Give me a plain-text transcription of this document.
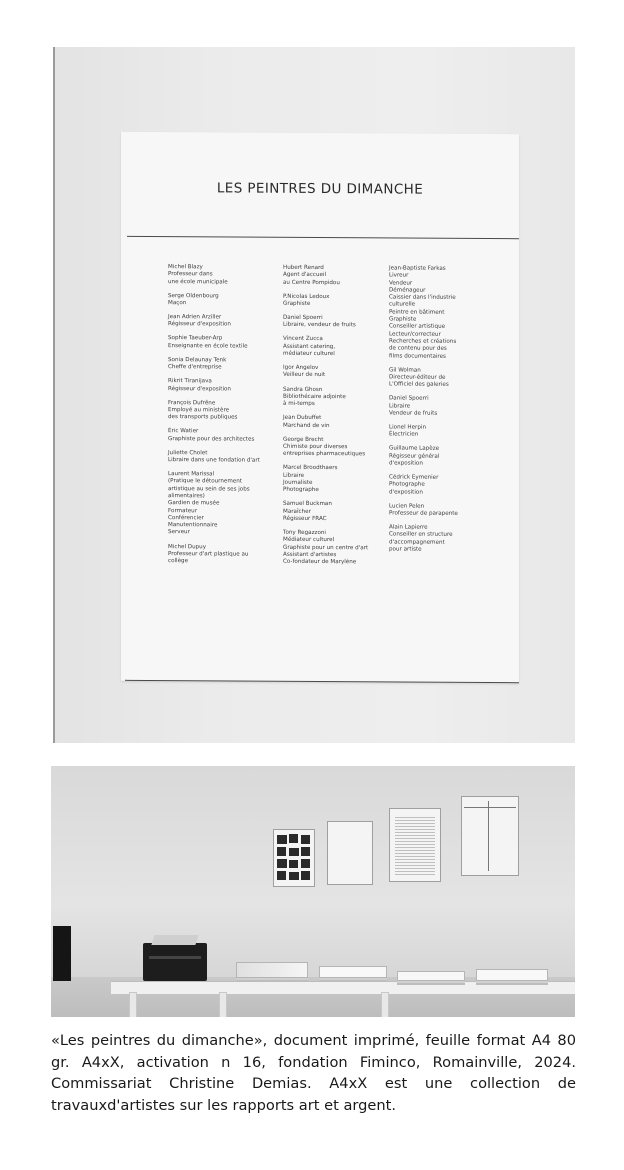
LES PEINTRES DU DIMANCHE
Michel Blazy
Professeur dans
une école municipale
Serge Oldenbourg
Maçon
Jean Adrien Arziller
Régisseur d'exposition
Sophie Taeuber-Arp
Enseignante en école textile
Sonia Delaunay Tenk
Cheffe d'entreprise
Rikrit Tiranijava
Régisseur d'exposition
François Dufrêne
Employé au ministère
des transports publiques
Éric Watier
Graphiste pour des architectes
Juliette Cholet
Libraire dans une fondation d'art
Laurent Marissal
(Pratique le détournement
artistique au sein de ses jobs
alimentaires)
Gardien de musée
Formateur
Conférencier
Manutentionnaire
Serveur
Michel Dupuy
Professeur d'art plastique au
collège
Hubert Renard
Agent d'accueil
au Centre Pompidou
P.Nicolas Ledoux
Graphiste
Daniel Spoerri
Libraire, vendeur de fruits
Vincent Zucca
Assistant catering,
médiateur culturel
Igor Angelov
Veilleur de nuit
Sandra Ghosn
Bibliothécaire adjointe
à mi-temps
Jean Dubuffet
Marchand de vin
George Brecht
Chimiste pour diverses
entreprises pharmaceutiques
Marcel Broodthaers
Libraire
Journaliste
Photographe
Samuel Buckman
Maraîcher
Régisseur FRAC
Tony Regazzoni
Médiateur culturel
Graphiste pour un centre d'art
Assistant d'artistes
Co-fondateur de Marylène
Jean-Baptiste Farkas
Livreur
Vendeur
Déménageur
Caissier dans l'industrie
culturelle
Peintre en bâtiment
Graphiste
Conseiller artistique
Lecteur/correcteur
Recherches et créations
de contenu pour des
films documentaires
Gil Wolman
Directeur-éditeur de
L'Officiel des galeries
Daniel Spoerri
Libraire
Vendeur de fruits
Lionel Herpin
Électricien
Guillaume Lapèze
Régisseur général
d'exposition
Cédrick Eymenier
Photographe
d'exposition
Lucien Pelen
Professeur de parapente
Alain Lapierre
Conseiller en structure
d'accompagnement
pour artiste
«Les peintres du dimanche», document imprimé, feuille format A4 80 gr. A4xX, activation n 16, fondation Fiminco, Romainville, 2024. Commissariat Christine Demias. A4xX est une collection de travauxd'artistes sur les rapports art et argent.
